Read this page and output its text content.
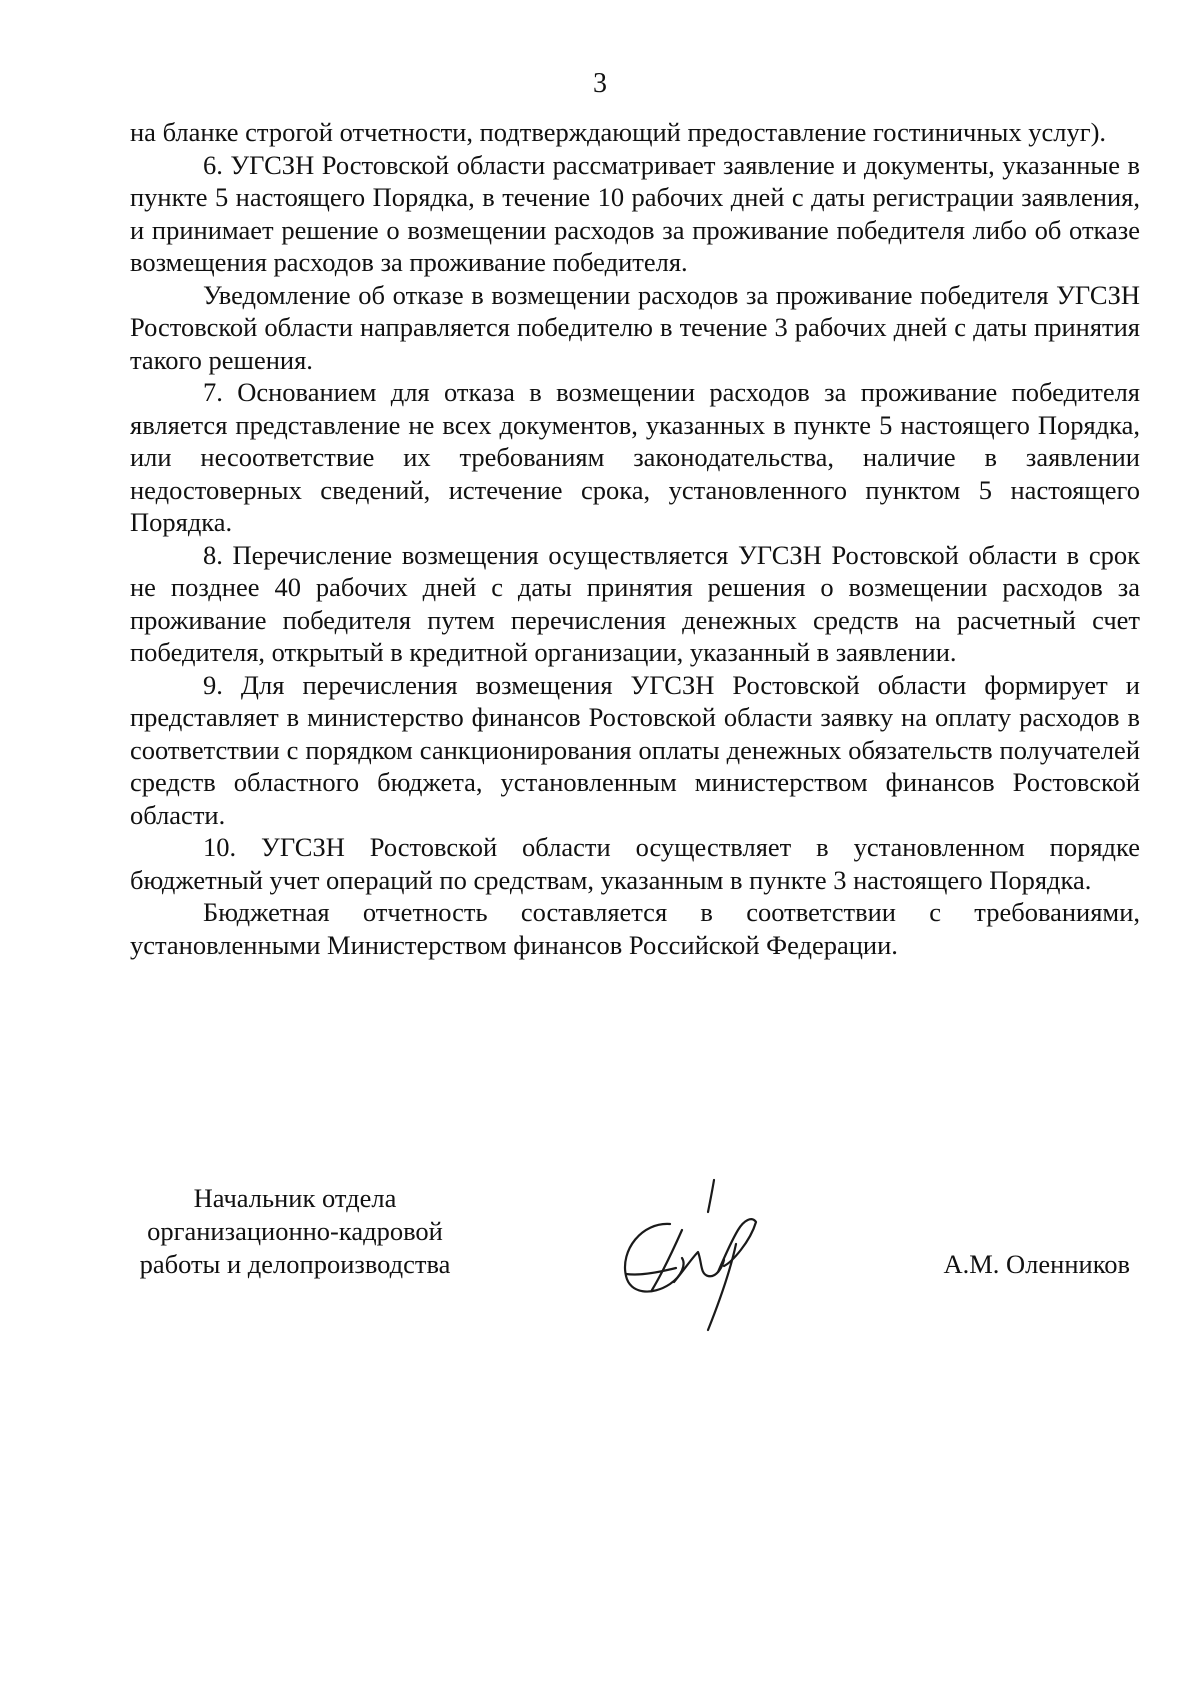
3

на бланке строгой отчетности, подтверждающий предоставление гостиничных услуг).

6. УГСЗН Ростовской области рассматривает заявление и документы, указанные в пункте 5 настоящего Порядка, в течение 10 рабочих дней с даты регистрации заявления, и принимает решение о возмещении расходов за проживание победителя либо об отказе возмещения расходов за проживание победителя.

Уведомление об отказе в возмещении расходов за проживание победителя УГСЗН Ростовской области направляется победителю в течение 3 рабочих дней с даты принятия такого решения.

7. Основанием для отказа в возмещении расходов за проживание победителя является представление не всех документов, указанных в пункте 5 настоящего Порядка, или несоответствие их требованиям законодательства, наличие в заявлении недостоверных сведений, истечение срока, установленного пунктом 5 настоящего Порядка.

8. Перечисление возмещения осуществляется УГСЗН Ростовской области в срок не позднее 40 рабочих дней с даты принятия решения о возмещении расходов за проживание победителя путем перечисления денежных средств на расчетный счет победителя, открытый в кредитной организации, указанный в заявлении.

9. Для перечисления возмещения УГСЗН Ростовской области формирует и представляет в министерство финансов Ростовской области заявку на оплату расходов в соответствии с порядком санкционирования оплаты денежных обязательств получателей средств областного бюджета, установленным министерством финансов Ростовской области.

10. УГСЗН Ростовской области осуществляет в установленном порядке бюджетный учет операций по средствам, указанным в пункте 3 настоящего Порядка.

Бюджетная отчетность составляется в соответствии с требованиями, установленными Министерством финансов Российской Федерации.

Начальник отдела
организационно-кадровой
работы и делопроизводства	А.М. Оленников
